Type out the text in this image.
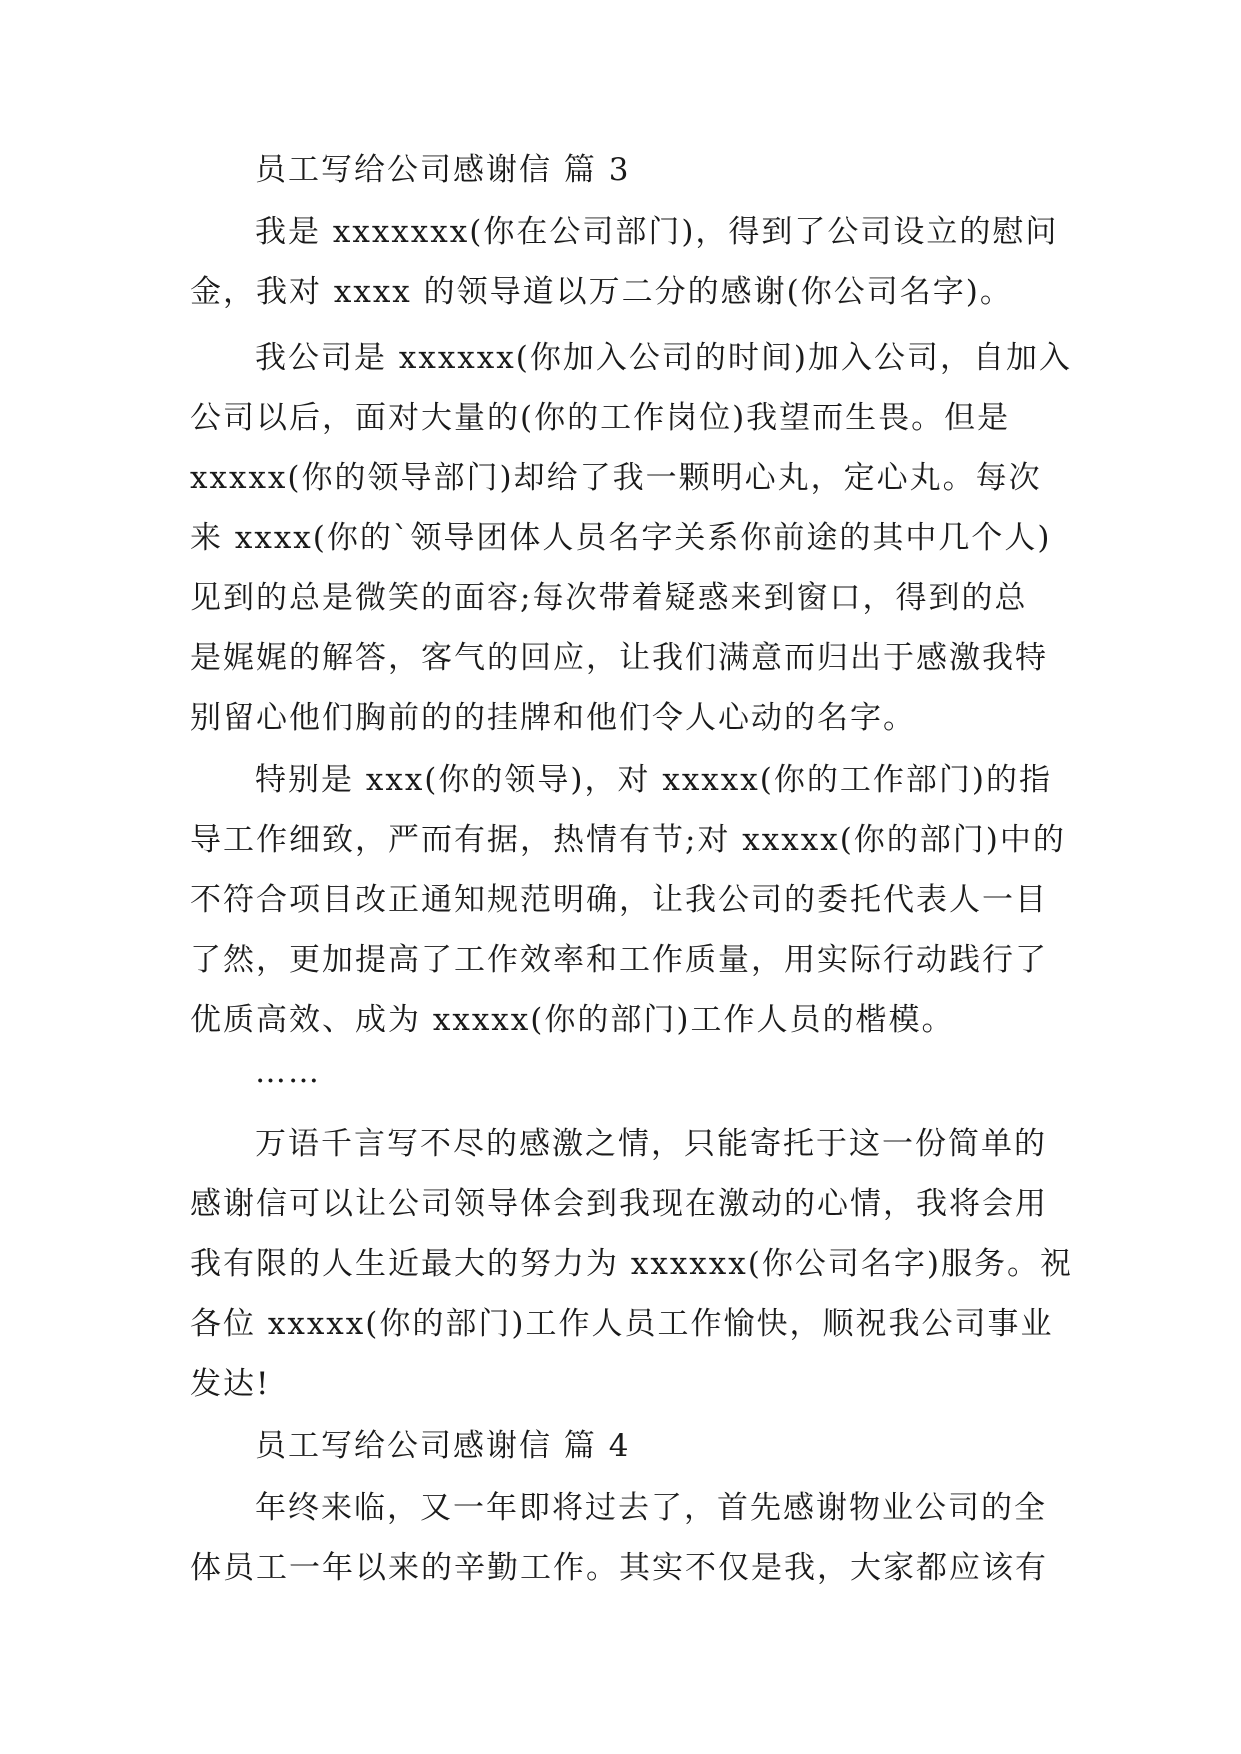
员工写给公司感谢信 篇 3
我是 xxxxxxx(你在公司部门)，得到了公司设立的慰问
金，我对 xxxx 的领导道以万二分的感谢(你公司名字)。
我公司是 xxxxxx(你加入公司的时间)加入公司，自加入
公司以后，面对大量的(你的工作岗位)我望而生畏。但是
xxxxx(你的领导部门)却给了我一颗明心丸，定心丸。每次
来 xxxx(你的`领导团体人员名字关系你前途的其中几个人)
见到的总是微笑的面容;每次带着疑惑来到窗口，得到的总
是娓娓的解答，客气的回应，让我们满意而归出于感激我特
别留心他们胸前的的挂牌和他们令人心动的名字。
特别是 xxx(你的领导)，对 xxxxx(你的工作部门)的指
导工作细致，严而有据，热情有节;对 xxxxx(你的部门)中的
不符合项目改正通知规范明确，让我公司的委托代表人一目
了然，更加提高了工作效率和工作质量，用实际行动践行了
优质高效、成为 xxxxx(你的部门)工作人员的楷模。
……
万语千言写不尽的感激之情，只能寄托于这一份简单的
感谢信可以让公司领导体会到我现在激动的心情，我将会用
我有限的人生近最大的努力为 xxxxxx(你公司名字)服务。祝
各位 xxxxx(你的部门)工作人员工作愉快，顺祝我公司事业
发达!
员工写给公司感谢信 篇 4
年终来临，又一年即将过去了，首先感谢物业公司的全
体员工一年以来的辛勤工作。其实不仅是我，大家都应该有
